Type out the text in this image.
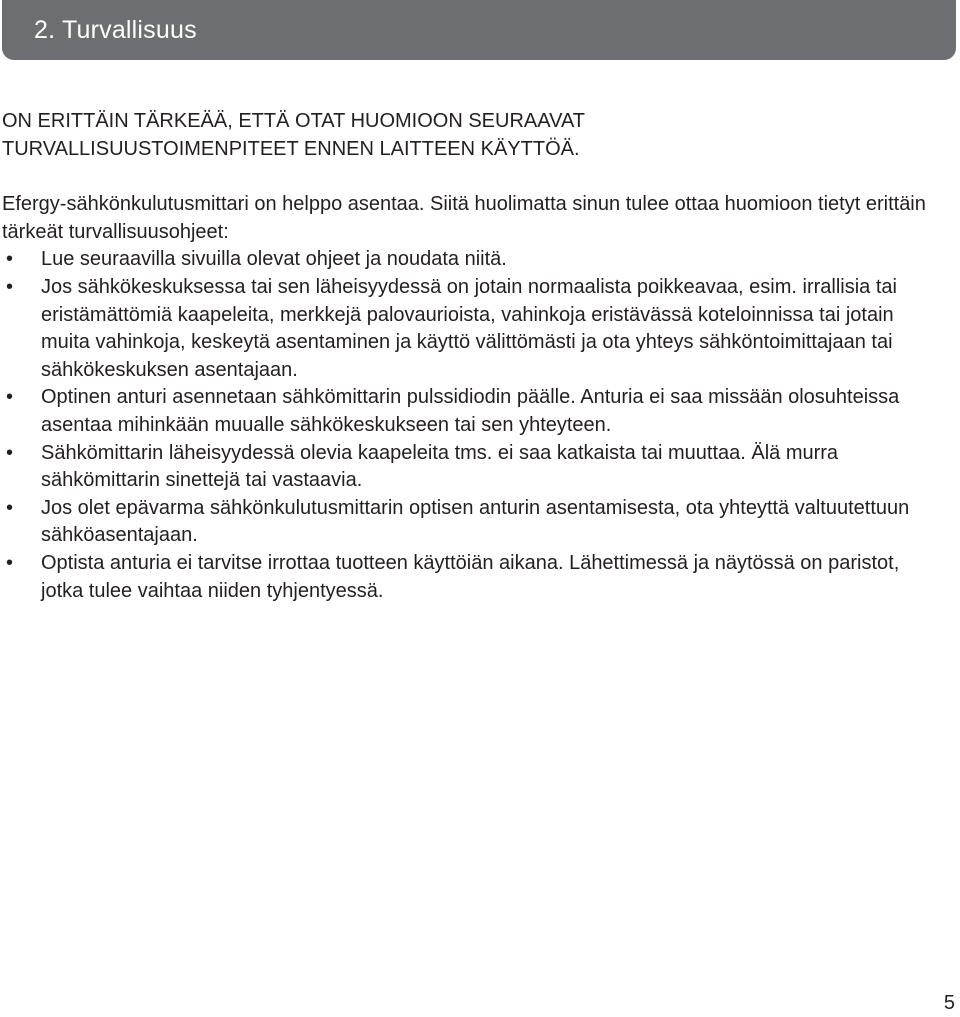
2. Turvallisuus

ON ERITTÄIN TÄRKEÄÄ, ETTÄ OTAT HUOMIOON SEURAAVAT
TURVALLISUUSTOIMENPITEET ENNEN LAITTEEN KÄYTTÖÄ.

Efergy-sähkönkulutusmittari on helppo asentaa. Siitä huolimatta sinun tulee ottaa huomioon tietyt erittäin tärkeät turvallisuusohjeet:

• Lue seuraavilla sivuilla olevat ohjeet ja noudata niitä.
• Jos sähkökeskuksessa tai sen läheisyydessä on jotain normaalista poikkeavaa, esim. irrallisia tai eristämättömiä kaapeleita, merkkejä palovaurioista, vahinkoja eristävässä koteloinnissa tai jotain muita vahinkoja, keskeytä asentaminen ja käyttö välittömästi ja ota yhteys sähköntoimittajaan tai sähkökeskuksen asentajaan.
• Optinen anturi asennetaan sähkömittarin pulssidiodin päälle. Anturia ei saa missään olosuhteissa asentaa mihinkään muualle sähkökeskukseen tai sen yhteyteen.
• Sähkömittarin läheisyydessä olevia kaapeleita tms. ei saa katkaista tai muuttaa. Älä murra sähkömittarin sinettejä tai vastaavia.
• Jos olet epävarma sähkönkulutusmittarin optisen anturin asentamisesta, ota yhteyttä valtuutettuun sähköasentajaan.
• Optista anturia ei tarvitse irrottaa tuotteen käyttöiän aikana. Lähettimessä ja näytössä on paristot, jotka tulee vaihtaa niiden tyhjentyessä.
5
